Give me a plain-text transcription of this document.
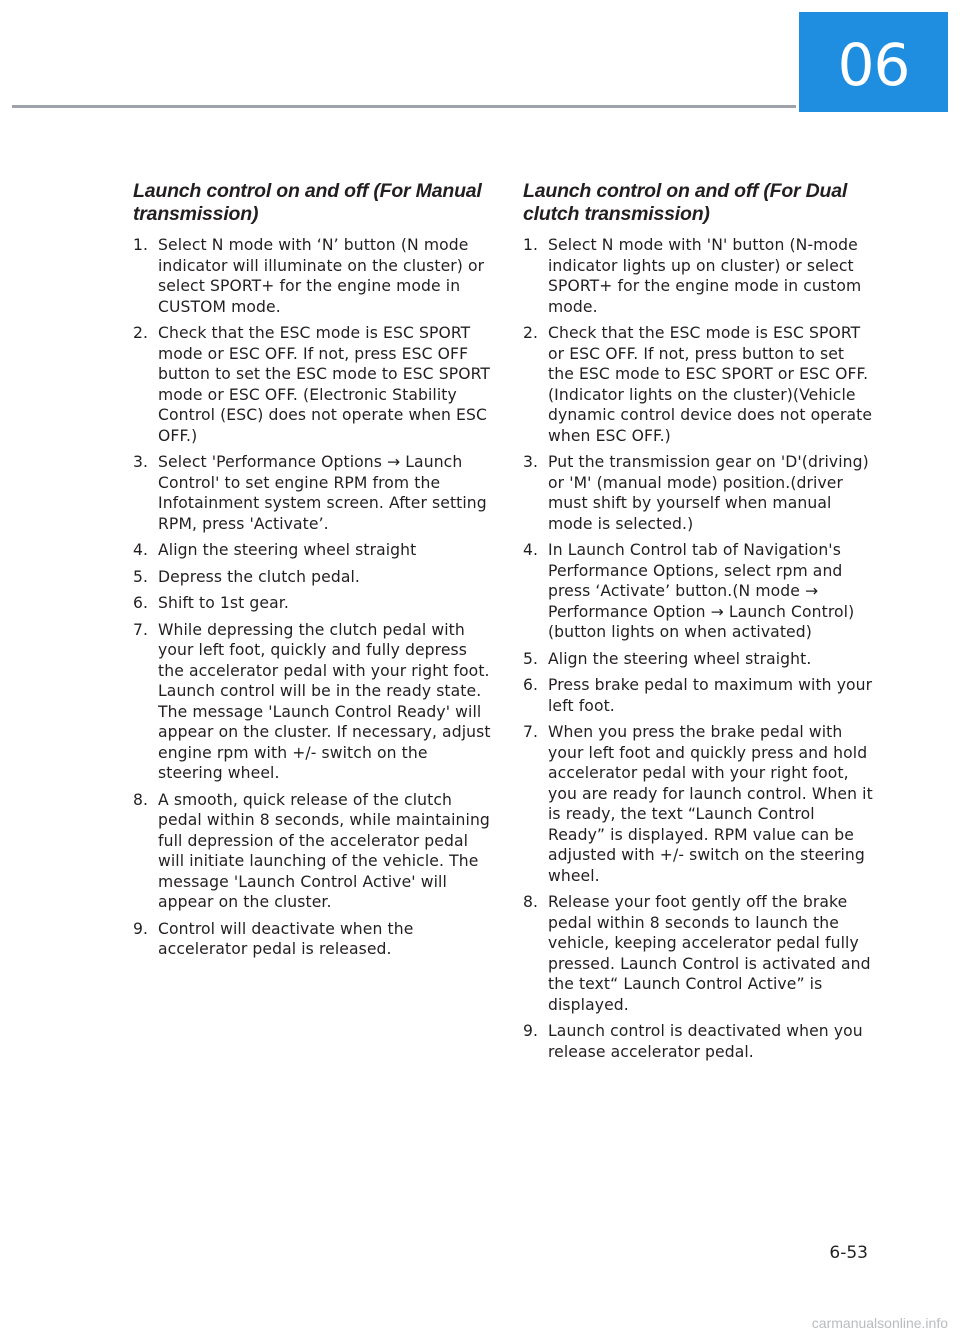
06
Launch control on and off (For Manual transmission)
1. Select N mode with ‘N’ button (N mode indicator will illuminate on the cluster) or select SPORT+ for the engine mode in CUSTOM mode.
2. Check that the ESC mode is ESC SPORT mode or ESC OFF. If not, press ESC OFF button to set the ESC mode to ESC SPORT mode or ESC OFF. (Electronic Stability Control (ESC) does not operate when ESC OFF.)
3. Select 'Performance Options → Launch Control' to set engine RPM from the Infotainment system screen. After setting RPM, press 'Activate’.
4. Align the steering wheel straight
5. Depress the clutch pedal.
6. Shift to 1st gear.
7. While depressing the clutch pedal with your left foot, quickly and fully depress the accelerator pedal with your right foot. Launch control will be in the ready state. The message 'Launch Control Ready' will appear on the cluster. If necessary, adjust engine rpm with +/- switch on the steering wheel.
8. A smooth, quick release of the clutch pedal within 8 seconds, while maintaining full depression of the accelerator pedal will initiate launching of the vehicle. The message 'Launch Control Active' will appear on the cluster.
9. Control will deactivate when the accelerator pedal is released.
Launch control on and off (For Dual clutch transmission)
1. Select N mode with 'N' button (N-mode indicator lights up on cluster) or select SPORT+ for the engine mode in custom mode.
2. Check that the ESC mode is ESC SPORT or ESC OFF. If not, press button to set the ESC mode to ESC SPORT or ESC OFF.(Indicator lights on the cluster)(Vehicle dynamic control device does not operate when ESC OFF.)
3. Put the transmission gear on 'D'(driving) or 'M' (manual mode) position.(driver must shift by yourself when manual mode is selected.)
4. In Launch Control tab of Navigation's Performance Options, select rpm and press ‘Activate’ button.(N mode → Performance Option → Launch Control) (button lights on when activated)
5. Align the steering wheel straight.
6. Press brake pedal to maximum with your left foot.
7. When you press the brake pedal with your left foot and quickly press and hold accelerator pedal with your right foot, you are ready for launch control. When it is ready, the text “Launch Control Ready” is displayed. RPM value can be adjusted with +/- switch on the steering wheel.
8. Release your foot gently off the brake pedal within 8 seconds to launch the vehicle, keeping accelerator pedal fully pressed. Launch Control is activated and the text“ Launch Control Active” is displayed.
9. Launch control is deactivated when you release accelerator pedal.
6-53
carmanualsonline.info
